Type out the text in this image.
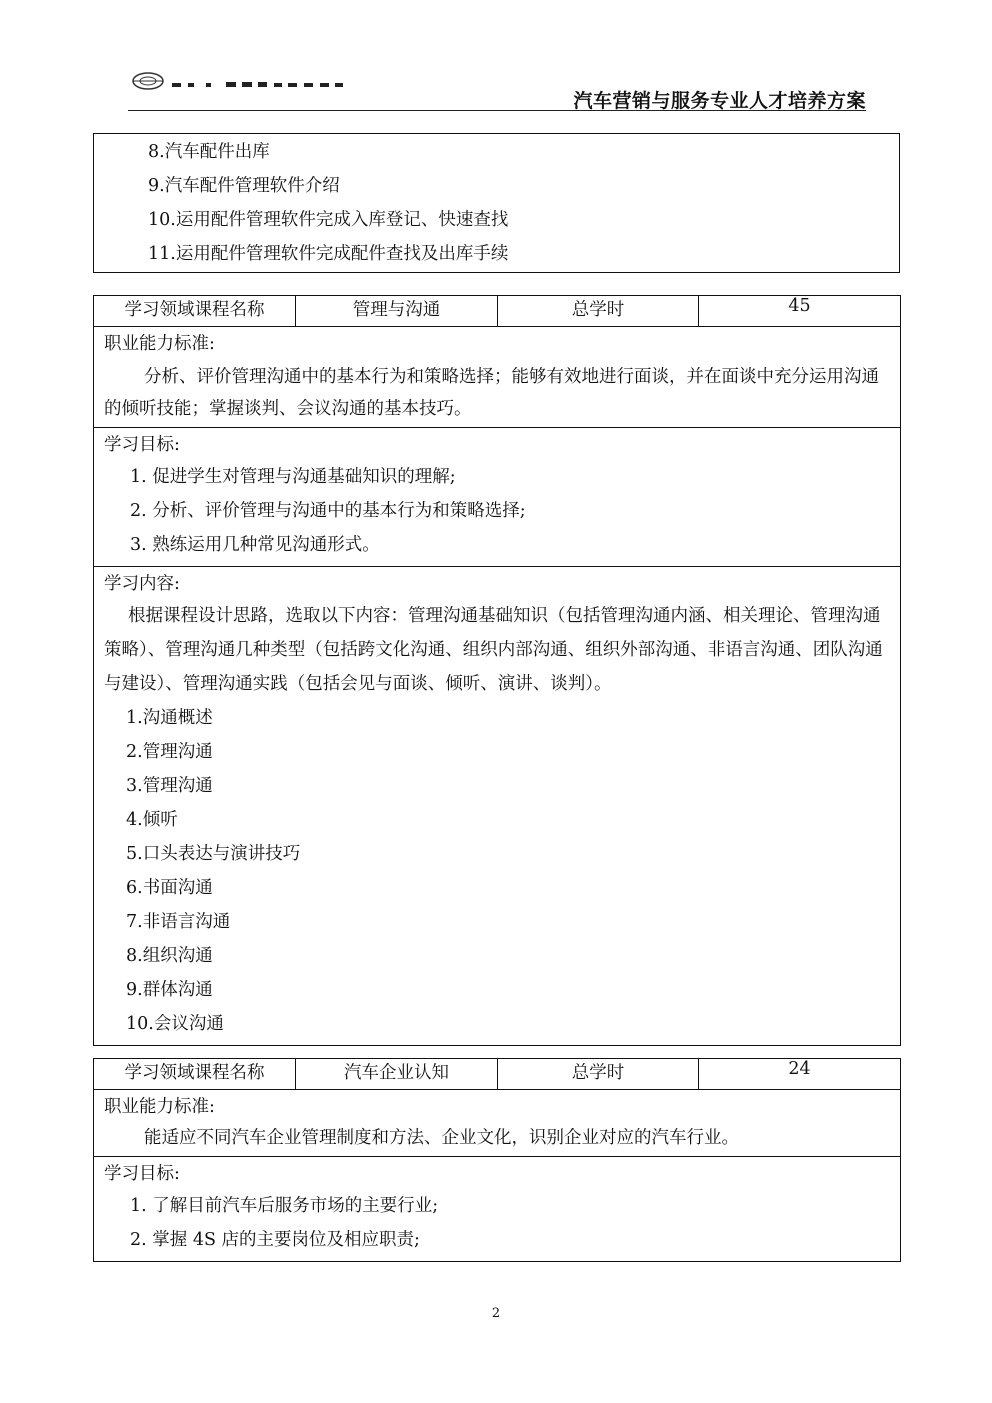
汽车营销与服务专业人才培养方案
8.汽车配件出库
9.汽车配件管理软件介绍
10.运用配件管理软件完成入库登记、快速查找
11.运用配件管理软件完成配件查找及出库手续
学习领域课程名称	管理与沟通	总学时	45

职业能力标准:
分析、评价管理沟通中的基本行为和策略选择；能够有效地进行面谈，并在面谈中充分运用沟通的倾听技能；掌握谈判、会议沟通的基本技巧。

学习目标:
1. 促进学生对管理与沟通基础知识的理解;
2. 分析、评价管理与沟通中的基本行为和策略选择;
3. 熟练运用几种常见沟通形式。

学习内容:
根据课程设计思路，选取以下内容：管理沟通基础知识（包括管理沟通内涵、相关理论、管理沟通策略）、管理沟通几种类型（包括跨文化沟通、组织内部沟通、组织外部沟通、非语言沟通、团队沟通与建设）、管理沟通实践（包括会见与面谈、倾听、演讲、谈判）。
1.沟通概述
2.管理沟通
3.管理沟通
4.倾听
5.口头表达与演讲技巧
6.书面沟通
7.非语言沟通
8.组织沟通
9.群体沟通
10.会议沟通
学习领域课程名称	汽车企业认知	总学时	24

职业能力标准:
能适应不同汽车企业管理制度和方法、企业文化，识别企业对应的汽车行业。

学习目标:
1. 了解目前汽车后服务市场的主要行业;
2. 掌握 4S 店的主要岗位及相应职责;
2
